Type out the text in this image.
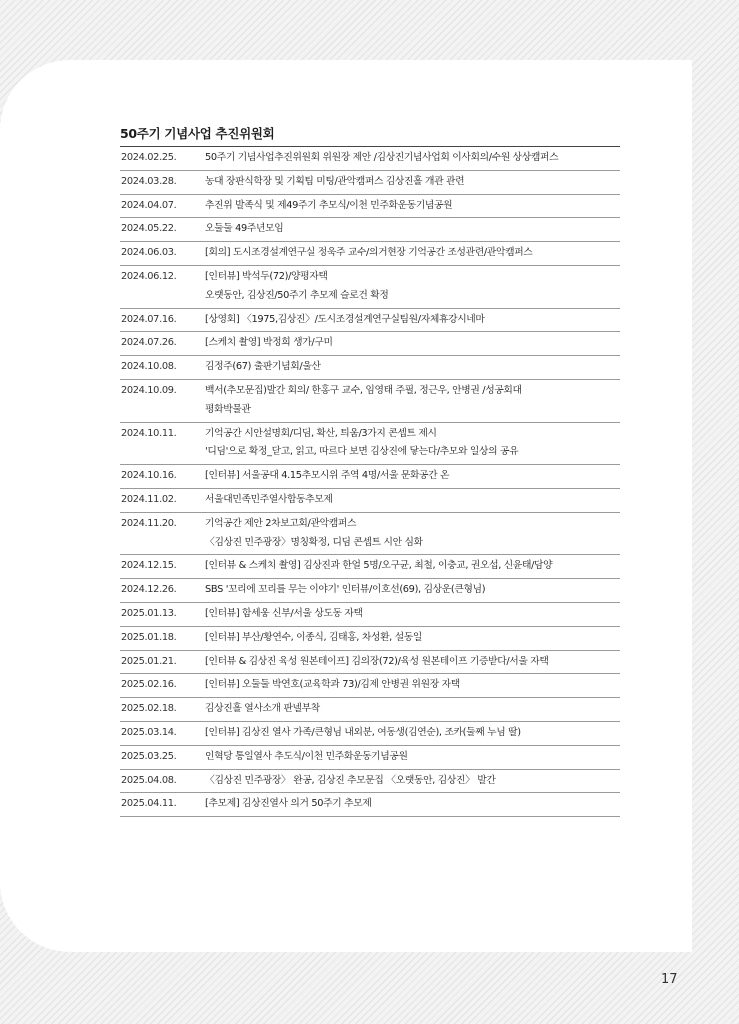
50주기 기념사업 추진위원회
2024.02.25.	50주기 기념사업추진위원회 위원장 제안 /김상진기념사업회 이사회의/수원 상상캠퍼스
2024.03.28.	농대 장판식학장 및 기획팀 미팅/관악캠퍼스 김상진홀 개관 관련
2024.04.07.	추진위 발족식 및 제49주기 추모식/이천 민주화운동기념공원
2024.05.22.	오둘둘 49주년모임
2024.06.03.	[회의] 도시조경설계연구실 정욱주 교수/의거현장 기억공간 조성관련/관악캠퍼스
2024.06.12.	[인터뷰] 박석두(72)/양평자택
오랫동안, 김상진/50주기 추모제 슬로건 확정
2024.07.16.	[상영회] 〈1975,김상진〉/도시조경설계연구실팀원/자체휴강시네마
2024.07.26.	[스케치 촬영] 박정희 생가/구미
2024.10.08.	김정주(67) 출판기념회/울산
2024.10.09.	백서(추모문집)발간 회의/ 한홍구 교수, 임영태 주필, 정근우, 안병권 /성공회대
평화박물관
2024.10.11.	기억공간 시안설명회/디딤, 확산, 틔움/3가지 콘셉트 제시
'디딤'으로 확정_닫고, 읽고, 따르다 보면 김상진에 닿는다/추모와 일상의 공유
2024.10.16.	[인터뷰] 서울공대 4.15추모시위 주역 4명/서울 문화공간 온
2024.11.02.	서울대민족민주열사합동추모제
2024.11.20.	기억공간 제안 2차보고회/관악캠퍼스
〈김상진 민주광장〉명칭확정, 디딤 콘셉트 시안 심화
2024.12.15.	[인터뷰 & 스케치 촬영] 김상진과 한얼 5명/오구균, 최철, 이충교, 권오섭, 신윤태/담양
2024.12.26.	SBS '꼬리에 꼬리를 무는 이야기' 인터뷰/이호선(69), 김상운(큰형님)
2025.01.13.	[인터뷰] 함세웅 신부/서울 상도동 자택
2025.01.18.	[인터뷰] 부산/황연수, 이종식, 김태홍, 차성환, 설동일
2025.01.21.	[인터뷰 & 김상진 육성 원본테이프] 김의장(72)/육성 원본테이프 기증받다/서울 자택
2025.02.16.	[인터뷰] 오둘둘 박연호(교육학과 73)/김제 안병권 위원장 자택
2025.02.18.	김상진홀 열사소개 판넬부착
2025.03.14.	[인터뷰] 김상진 열사 가족/큰형님 내외분, 여동생(김연순), 조카(둘째 누님 딸)
2025.03.25.	인혁당 통일열사 추도식/이천 민주화운동기념공원
2025.04.08.	〈김상진 민주광장〉 완공, 김상진 추모문집 〈오랫동안, 김상진〉 발간
2025.04.11.	[추모제] 김상진열사 의거 50주기 추모제
17
